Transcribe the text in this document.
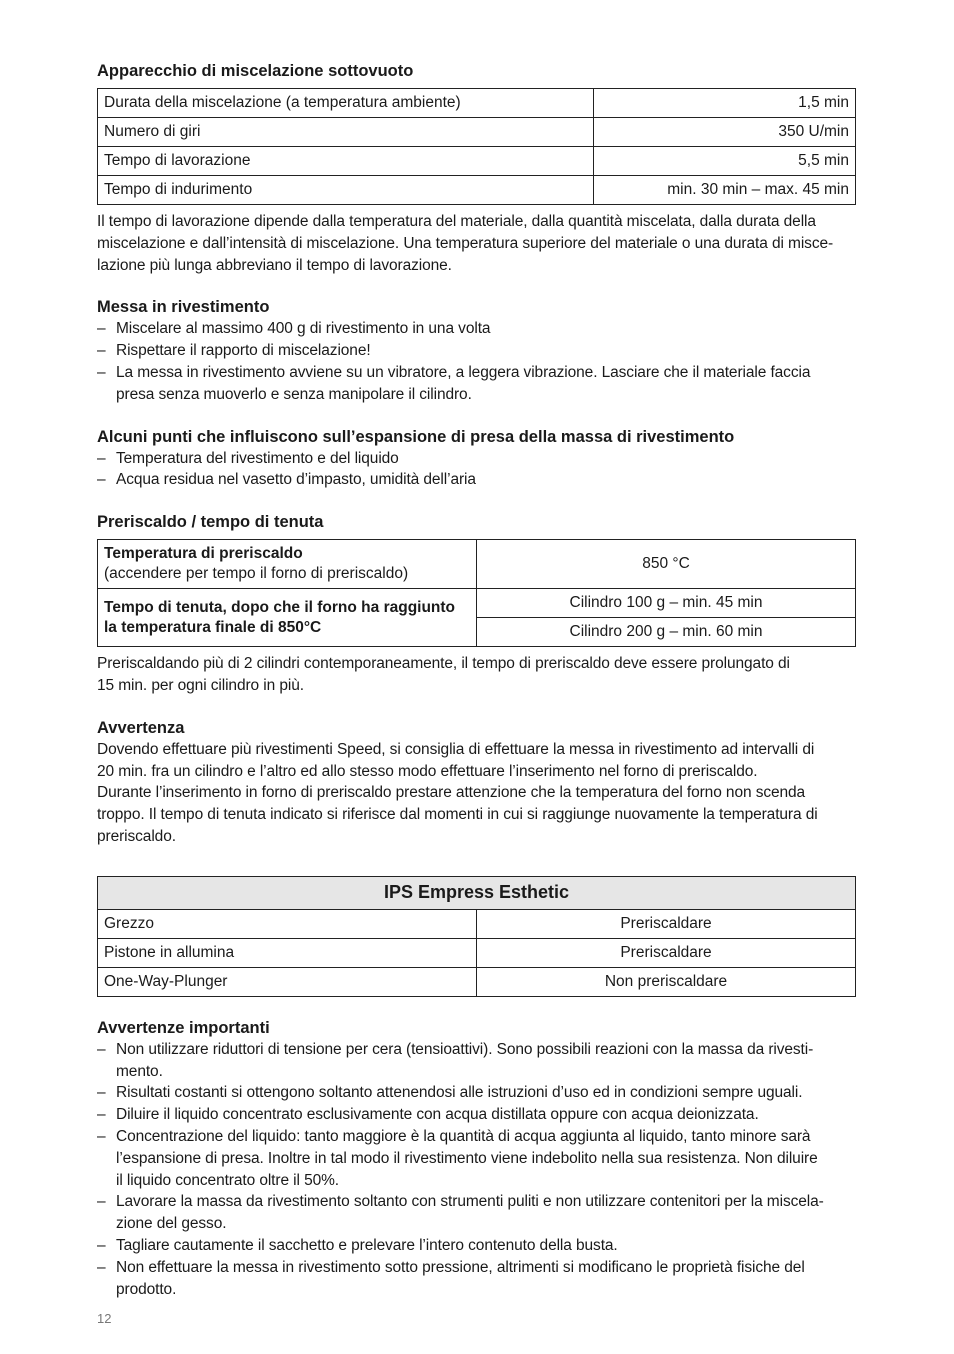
Apparecchio di miscelazione sottovuoto

Durata della miscelazione (a temperatura ambiente)	1,5 min
Numero di giri	350 U/min
Tempo di lavorazione	5,5 min
Tempo di indurimento	min. 30 min – max. 45 min

Il tempo di lavorazione dipende dalla temperatura del materiale, dalla quantità miscelata, dalla durata della

miscelazione e dall’intensità di miscelazione. Una temperatura superiore del materiale o una durata di misce-

lazione più lunga abbreviano il tempo di lavorazione.

Messa in rivestimento

– Miscelare al massimo 400 g di rivestimento in una volta
– Rispettare il rapporto di miscelazione!
– La messa in rivestimento avviene su un vibratore, a leggera vibrazione. Lasciare che il materiale faccia
presa senza muoverlo e senza manipolare il cilindro.

Alcuni punti che influiscono sull’espansione di presa della massa di rivestimento

– Temperatura del rivestimento e del liquido
– Acqua residua nel vasetto d’impasto, umidità dell’aria

Preriscaldo / tempo di tenuta

Temperatura di preriscaldo
(accendere per tempo il forno di preriscaldo)	850 °C
Tempo di tenuta, dopo che il forno ha raggiunto
la temperatura finale di 850°C	Cilindro 100 g – min. 45 min
	Cilindro 200 g – min. 60 min

Preriscaldando più di 2 cilindri contemporaneamente, il tempo di preriscaldo deve essere prolungato di

15 min. per ogni cilindro in più.

Avvertenza

Dovendo effettuare più rivestimenti Speed, si consiglia di effettuare la messa in rivestimento ad intervalli di

20 min. fra un cilindro e l’altro ed allo stesso modo effettuare l’inserimento nel forno di preriscaldo.

Durante l’inserimento in forno di preriscaldo prestare attenzione che la temperatura del forno non scenda

troppo. Il tempo di tenuta indicato si riferisce dal momenti in cui si raggiunge nuovamente la temperatura di

preriscaldo.

IPS Empress Esthetic	
Grezzo	Preriscaldare
Pistone in allumina	Preriscaldare
One-Way-Plunger	Non preriscaldare

Avvertenze importanti

– Non utilizzare riduttori di tensione per cera (tensioattivi). Sono possibili reazioni con la massa da rivesti-
mento.
– Risultati costanti si ottengono soltanto attenendosi alle istruzioni d’uso ed in condizioni sempre uguali.
– Diluire il liquido concentrato esclusivamente con acqua distillata oppure con acqua deionizzata.
– Concentrazione del liquido: tanto maggiore è la quantità di acqua aggiunta al liquido, tanto minore sarà
l’espansione di presa. Inoltre in tal modo il rivestimento viene indebolito nella sua resistenza. Non diluire
il liquido concentrato oltre il 50%.
– Lavorare la massa da rivestimento soltanto con strumenti puliti e non utilizzare contenitori per la miscela-
zione del gesso.
– Tagliare cautamente il sacchetto e prelevare l’intero contenuto della busta.
– Non effettuare la messa in rivestimento sotto pressione, altrimenti si modificano le proprietà fisiche del
prodotto.
12
